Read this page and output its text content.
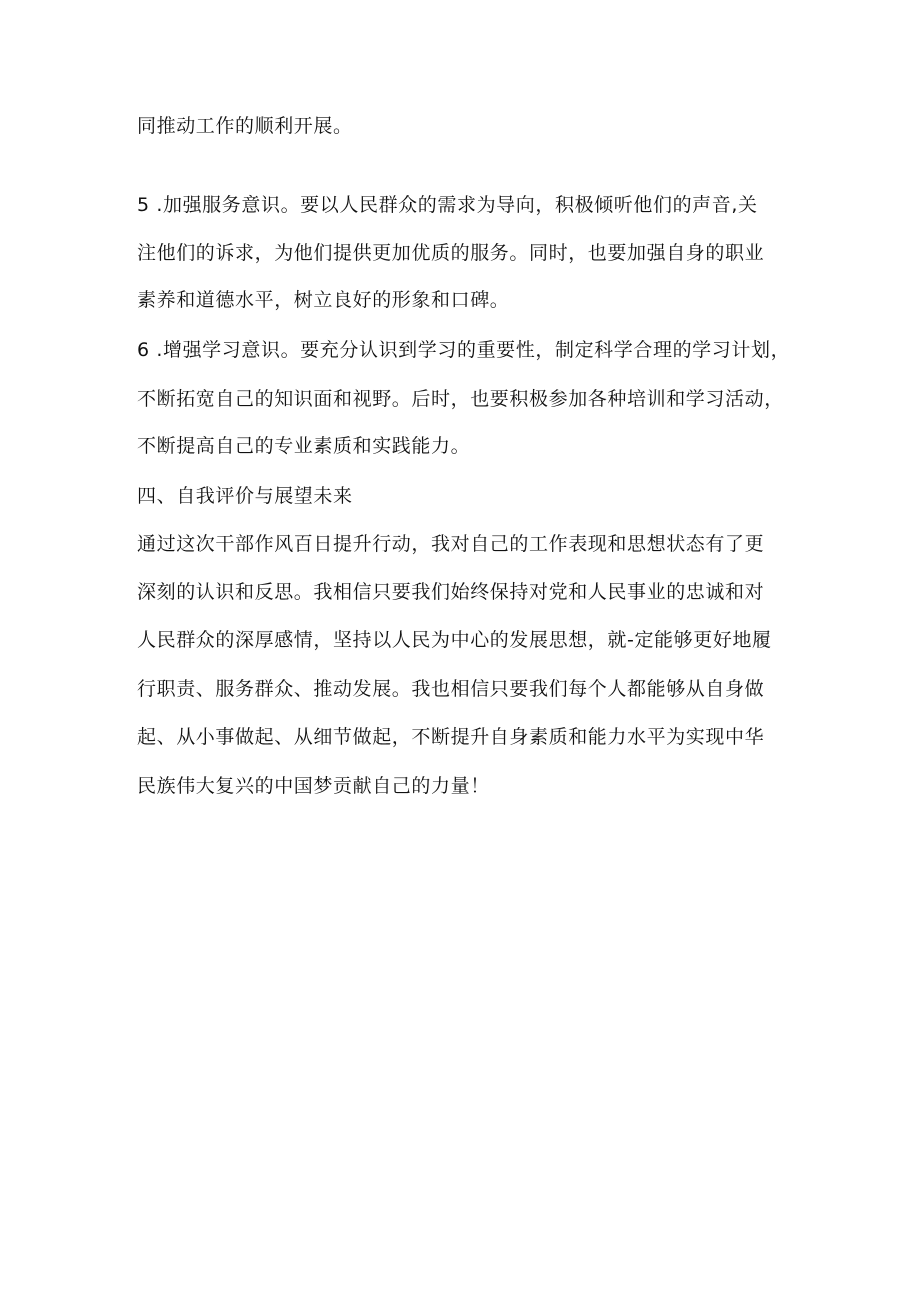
同推动工作的顺利开展。
5 .加强服务意识。要以人民群众的需求为导向，积极倾听他们的声音,关
注他们的诉求，为他们提供更加优质的服务。同时，也要加强自身的职业
素养和道德水平，树立良好的形象和口碑。
6 .增强学习意识。要充分认识到学习的重要性，制定科学合理的学习计划，
不断拓宽自己的知识面和视野。后时，也要积极参加各种培训和学习活动，
不断提高自己的专业素质和实践能力。
四、自我评价与展望未来
通过这次干部作风百日提升行动，我对自己的工作表现和思想状态有了更
深刻的认识和反思。我相信只要我们始终保持对党和人民事业的忠诚和对
人民群众的深厚感情，坚持以人民为中心的发展思想，就-定能够更好地履
行职责、服务群众、推动发展。我也相信只要我们每个人都能够从自身做
起、从小事做起、从细节做起，不断提升自身素质和能力水平为实现中华
民族伟大复兴的中国梦贡献自己的力量！
